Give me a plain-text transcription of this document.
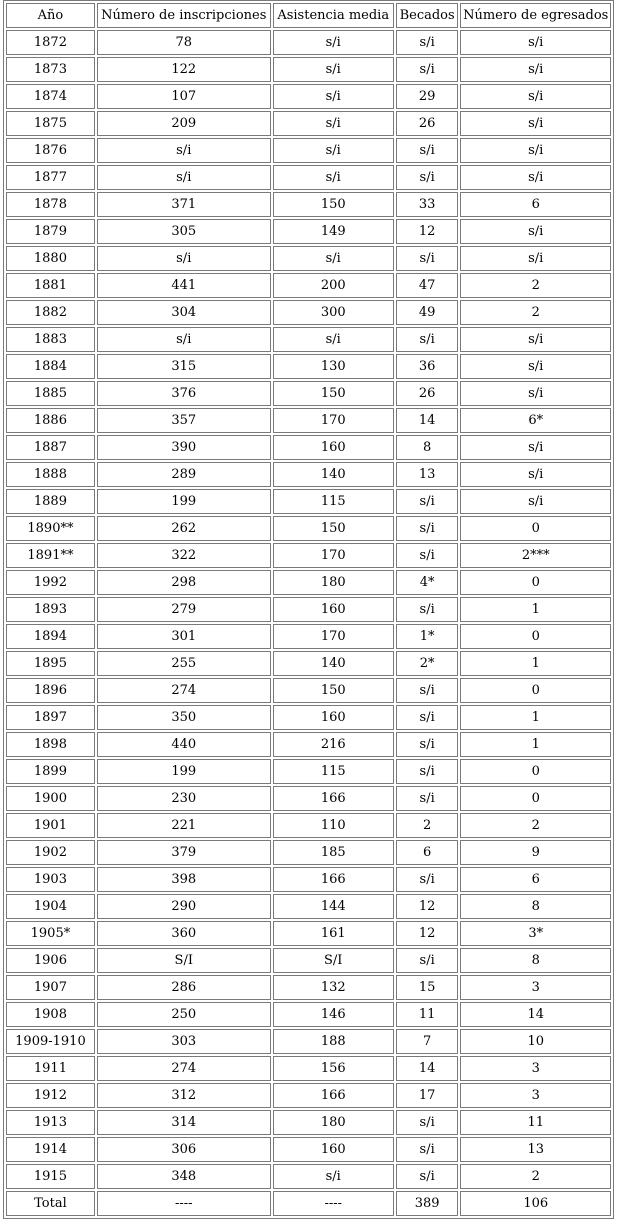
Año	Número de inscripciones	Asistencia media	Becados	Número de egresados
1872	78	s/i	s/i	s/i
1873	122	s/i	s/i	s/i
1874	107	s/i	29	s/i
1875	209	s/i	26	s/i
1876	s/i	s/i	s/i	s/i
1877	s/i	s/i	s/i	s/i
1878	371	150	33	6
1879	305	149	12	s/i
1880	s/i	s/i	s/i	s/i
1881	441	200	47	2
1882	304	300	49	2
1883	s/i	s/i	s/i	s/i
1884	315	130	36	s/i
1885	376	150	26	s/i
1886	357	170	14	6*
1887	390	160	8	s/i
1888	289	140	13	s/i
1889	199	115	s/i	s/i
1890**	262	150	s/i	0
1891**	322	170	s/i	2***
1992	298	180	4*	0
1893	279	160	s/i	1
1894	301	170	1*	0
1895	255	140	2*	1
1896	274	150	s/i	0
1897	350	160	s/i	1
1898	440	216	s/i	1
1899	199	115	s/i	0
1900	230	166	s/i	0
1901	221	110	2	2
1902	379	185	6	9
1903	398	166	s/i	6
1904	290	144	12	8
1905*	360	161	12	3*
1906	S/I	S/I	s/i	8
1907	286	132	15	3
1908	250	146	11	14
1909-1910	303	188	7	10
1911	274	156	14	3
1912	312	166	17	3
1913	314	180	s/i	11
1914	306	160	s/i	13
1915	348	s/i	s/i	2
Total	----	----	389	106
